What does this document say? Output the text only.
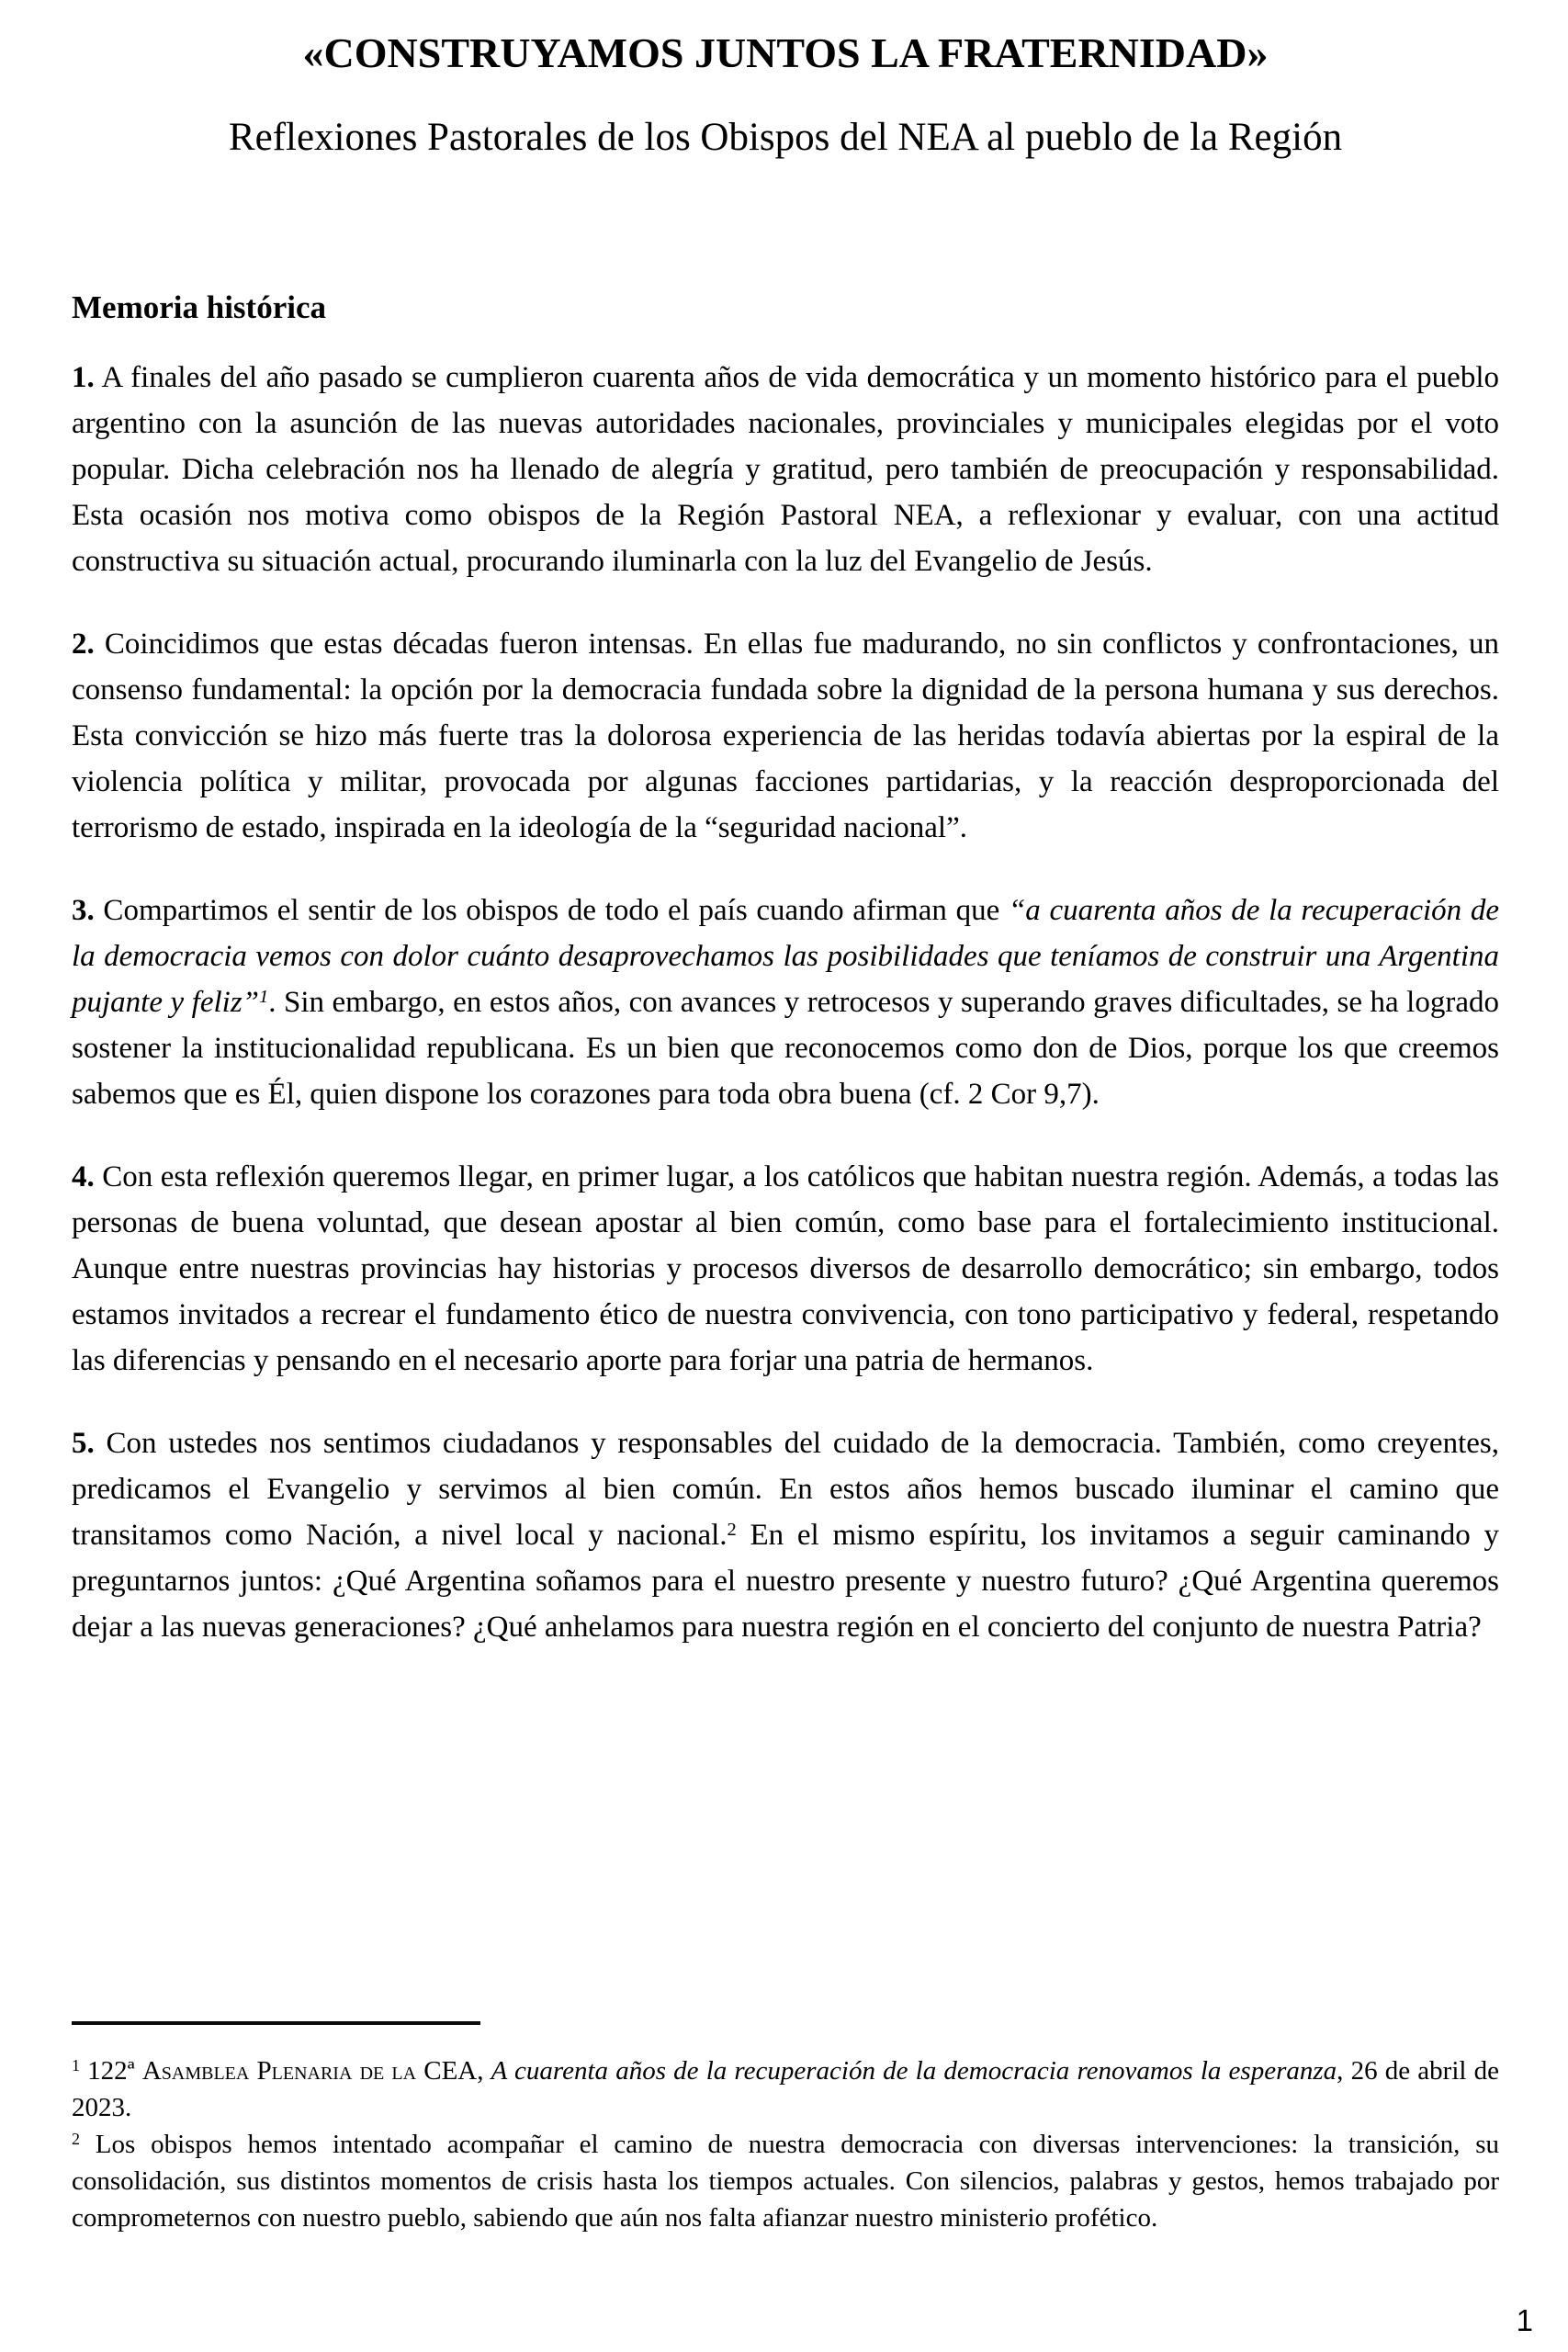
«CONSTRUYAMOS JUNTOS LA FRATERNIDAD»
Reflexiones Pastorales de los Obispos del NEA al pueblo de la Región
Memoria histórica

1. A finales del año pasado se cumplieron cuarenta años de vida democrática y un momento histórico para el pueblo argentino con la asunción de las nuevas autoridades nacionales, provinciales y municipales elegidas por el voto popular. Dicha celebración nos ha llenado de alegría y gratitud, pero también de preocupación y responsabilidad. Esta ocasión nos motiva como obispos de la Región Pastoral NEA, a reflexionar y evaluar, con una actitud constructiva su situación actual, procurando iluminarla con la luz del Evangelio de Jesús.

2. Coincidimos que estas décadas fueron intensas. En ellas fue madurando, no sin conflictos y confrontaciones, un consenso fundamental: la opción por la democracia fundada sobre la dignidad de la persona humana y sus derechos. Esta convicción se hizo más fuerte tras la dolorosa experiencia de las heridas todavía abiertas por la espiral de la violencia política y militar, provocada por algunas facciones partidarias, y la reacción desproporcionada del terrorismo de estado, inspirada en la ideología de la “seguridad nacional”.

3. Compartimos el sentir de los obispos de todo el país cuando afirman que “a cuarenta años de la recuperación de la democracia vemos con dolor cuánto desaprovechamos las posibilidades que teníamos de construir una Argentina pujante y feliz”$^1$. Sin embargo, en estos años, con avances y retrocesos y superando graves dificultades, se ha logrado sostener la institucionalidad republicana. Es un bien que reconocemos como don de Dios, porque los que creemos sabemos que es Él, quien dispone los corazones para toda obra buena (cf. 2 Cor 9,7).

4. Con esta reflexión queremos llegar, en primer lugar, a los católicos que habitan nuestra región. Además, a todas las personas de buena voluntad, que desean apostar al bien común, como base para el fortalecimiento institucional. Aunque entre nuestras provincias hay historias y procesos diversos de desarrollo democrático; sin embargo, todos estamos invitados a recrear el fundamento ético de nuestra convivencia, con tono participativo y federal, respetando las diferencias y pensando en el necesario aporte para forjar una patria de hermanos.

5. Con ustedes nos sentimos ciudadanos y responsables del cuidado de la democracia. También, como creyentes, predicamos el Evangelio y servimos al bien común. En estos años hemos buscado iluminar el camino que transitamos como Nación, a nivel local y nacional.$^2$ En el mismo espíritu, los invitamos a seguir caminando y preguntarnos juntos: ¿Qué Argentina soñamos para el nuestro presente y nuestro futuro? ¿Qué Argentina queremos dejar a las nuevas generaciones? ¿Qué anhelamos para nuestra región en el concierto del conjunto de nuestra Patria?

$^1$ 122ª Asamblea Plenaria de la CEA, A cuarenta años de la recuperación de la democracia renovamos la esperanza, 26 de abril de 2023.

$^2$ Los obispos hemos intentado acompañar el camino de nuestra democracia con diversas intervenciones: la transición, su consolidación, sus distintos momentos de crisis hasta los tiempos actuales. Con silencios, palabras y gestos, hemos trabajado por comprometernos con nuestro pueblo, sabiendo que aún nos falta afianzar nuestro ministerio profético.

1
